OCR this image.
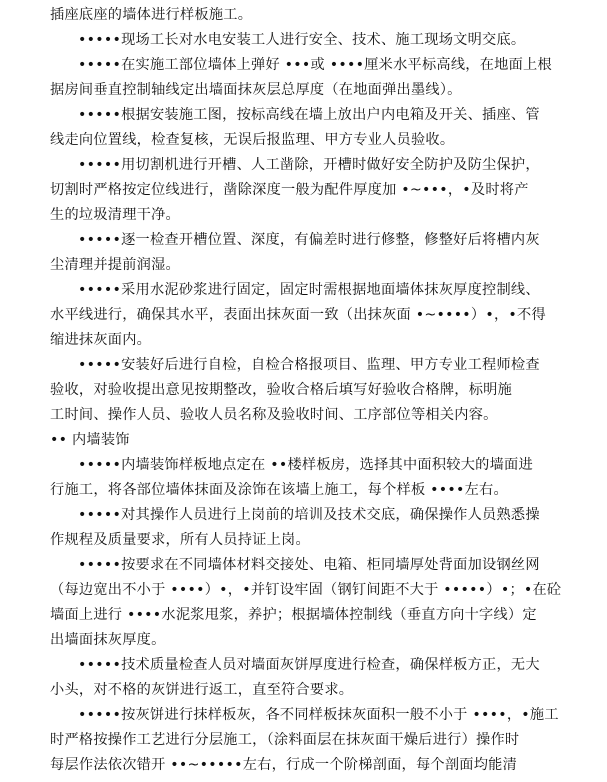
插座底座的墙体进行样板施工。
•••••现场工长对水电安装工人进行安全、技术、施工现场文明交底。
•••••在实施工部位墙体上弹好 •••或 ••••厘米水平标高线，在地面上根
据房间垂直控制轴线定出墙面抹灰层总厚度（在地面弹出墨线）。
•••••根据安装施工图，按标高线在墙上放出户内电箱及开关、插座、管
线走向位置线，检查复核，无误后报监理、甲方专业人员验收。
•••••用切割机进行开槽、人工凿除，开槽时做好安全防护及防尘保护，
切割时严格按定位线进行，凿除深度一般为配件厚度加 •~•••，•及时将产
生的垃圾清理干净。
•••••逐一检查开槽位置、深度，有偏差时进行修整，修整好后将槽内灰
尘清理并提前润湿。
•••••采用水泥砂浆进行固定，固定时需根据地面墙体抹灰厚度控制线、
水平线进行，确保其水平，表面出抹灰面一致（出抹灰面 •~••••）•，•不得
缩进抹灰面内。
•••••安装好后进行自检，自检合格报项目、监理、甲方专业工程师检查
验收，对验收提出意见按期整改，验收合格后填写好验收合格牌，标明施
工时间、操作人员、验收人员名称及验收时间、工序部位等相关内容。
•• 内墙装饰
•••••内墙装饰样板地点定在 ••楼样板房，选择其中面积较大的墙面进
行施工，将各部位墙体抹面及涂饰在该墙上施工，每个样板 ••••左右。
•••••对其操作人员进行上岗前的培训及技术交底，确保操作人员熟悉操
作规程及质量要求，所有人员持证上岗。
•••••按要求在不同墙体材料交接处、电箱、柜同墙厚处背面加设钢丝网
（每边宽出不小于 ••••）•，•并钉设牢固（钢钉间距不大于 •••••）•；•在砼
墙面上进行 ••••水泥浆甩浆，养护；根据墙体控制线（垂直方向十字线）定
出墙面抹灰厚度。
•••••技术质量检查人员对墙面灰饼厚度进行检查，确保样板方正，无大
小头，对不格的灰饼进行返工，直至符合要求。
•••••按灰饼进行抹样板灰，各不同样板抹灰面积一般不小于 ••••，•施工
时严格按操作工艺进行分层施工，（涂料面层在抹灰面干燥后进行）操作时
每层作法依次错开 ••~•••••左右，行成一个阶梯剖面，每个剖面均能清
